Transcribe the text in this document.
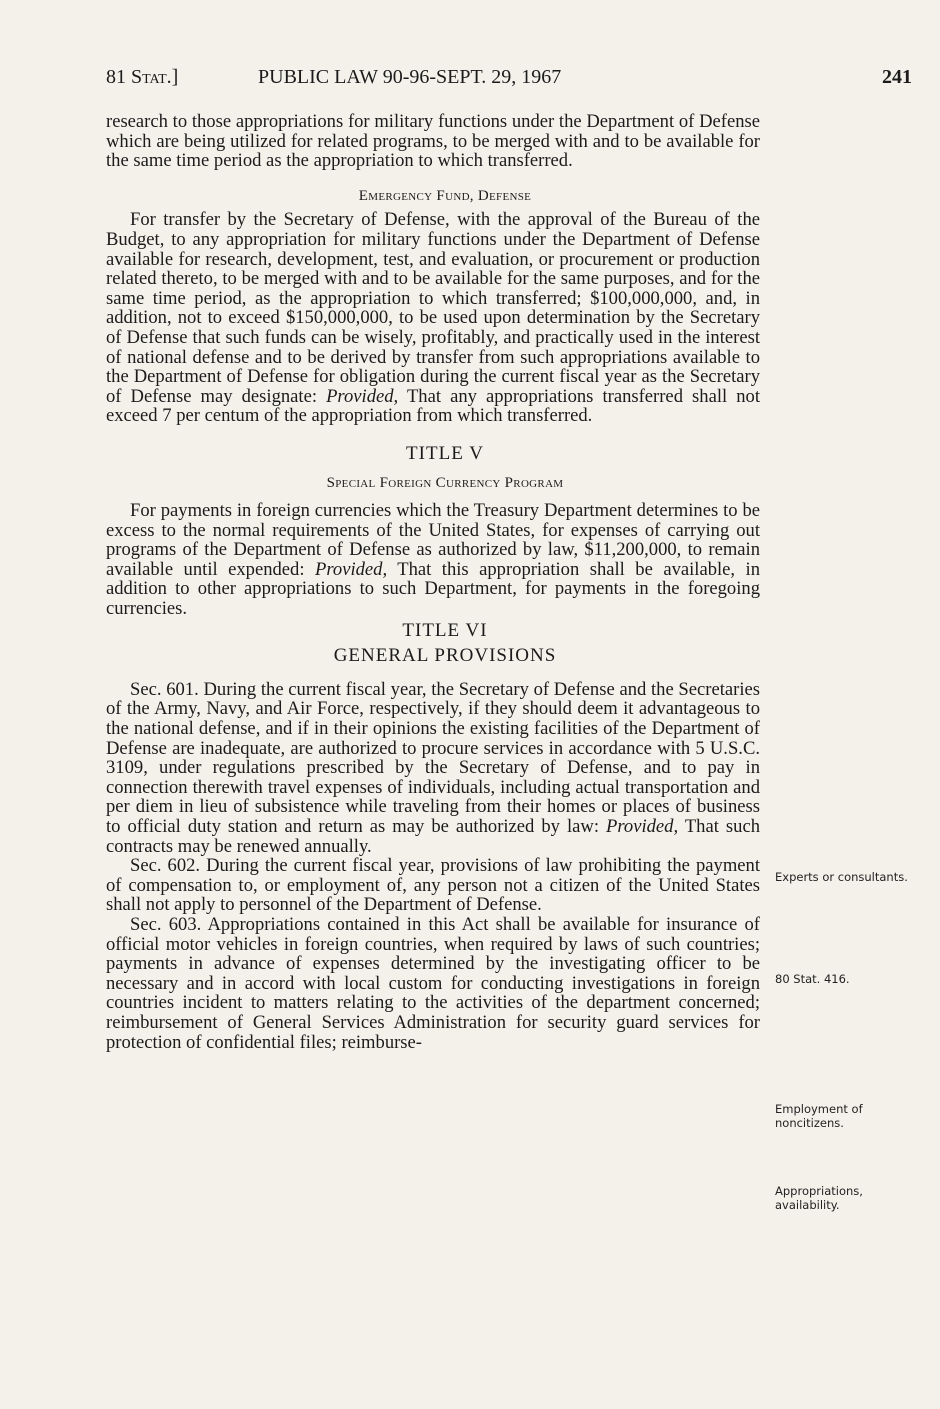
81 Stat.]	PUBLIC LAW 90-96-SEPT. 29, 1967	241

research to those appropriations for military functions under the Department of Defense which are being utilized for related programs, to be merged with and to be available for the same time period as the appropriation to which transferred.

Emergency Fund, Defense

For transfer by the Secretary of Defense, with the approval of the Bureau of the Budget, to any appropriation for military functions under the Department of Defense available for research, development, test, and evaluation, or procurement or production related thereto, to be merged with and to be available for the same purposes, and for the same time period, as the appropriation to which transferred; $100,000,000, and, in addition, not to exceed $150,000,000, to be used upon determination by the Secretary of Defense that such funds can be wisely, profitably, and practically used in the interest of national defense and to be derived by transfer from such appropriations available to the Department of Defense for obligation during the current fiscal year as the Secretary of Defense may designate: Provided, That any appropriations transferred shall not exceed 7 per centum of the appropriation from which transferred.

TITLE V

Special Foreign Currency Program

For payments in foreign currencies which the Treasury Department determines to be excess to the normal requirements of the United States, for expenses of carrying out programs of the Department of Defense as authorized by law, $11,200,000, to remain available until expended: Provided, That this appropriation shall be available, in addition to other appropriations to such Department, for payments in the foregoing currencies.

TITLE VI

GENERAL PROVISIONS

Sec. 601. During the current fiscal year, the Secretary of Defense and the Secretaries of the Army, Navy, and Air Force, respectively, if they should deem it advantageous to the national defense, and if in their opinions the existing facilities of the Department of Defense are inadequate, are authorized to procure services in accordance with 5 U.S.C. 3109, under regulations prescribed by the Secretary of Defense, and to pay in connection therewith travel expenses of individuals, including actual transportation and per diem in lieu of subsistence while traveling from their homes or places of business to official duty station and return as may be authorized by law: Provided, That such contracts may be renewed annually.

Sec. 602. During the current fiscal year, provisions of law prohibiting the payment of compensation to, or employment of, any person not a citizen of the United States shall not apply to personnel of the Department of Defense.

Sec. 603. Appropriations contained in this Act shall be available for insurance of official motor vehicles in foreign countries, when required by laws of such countries; payments in advance of expenses determined by the investigating officer to be necessary and in accord with local custom for conducting investigations in foreign countries incident to matters relating to the activities of the department concerned; reimbursement of General Services Administration for security guard services for protection of confidential files; reimburse-

Experts or consultants.
80 Stat. 416.
Employment of noncitizens.
Appropriations, availability.
